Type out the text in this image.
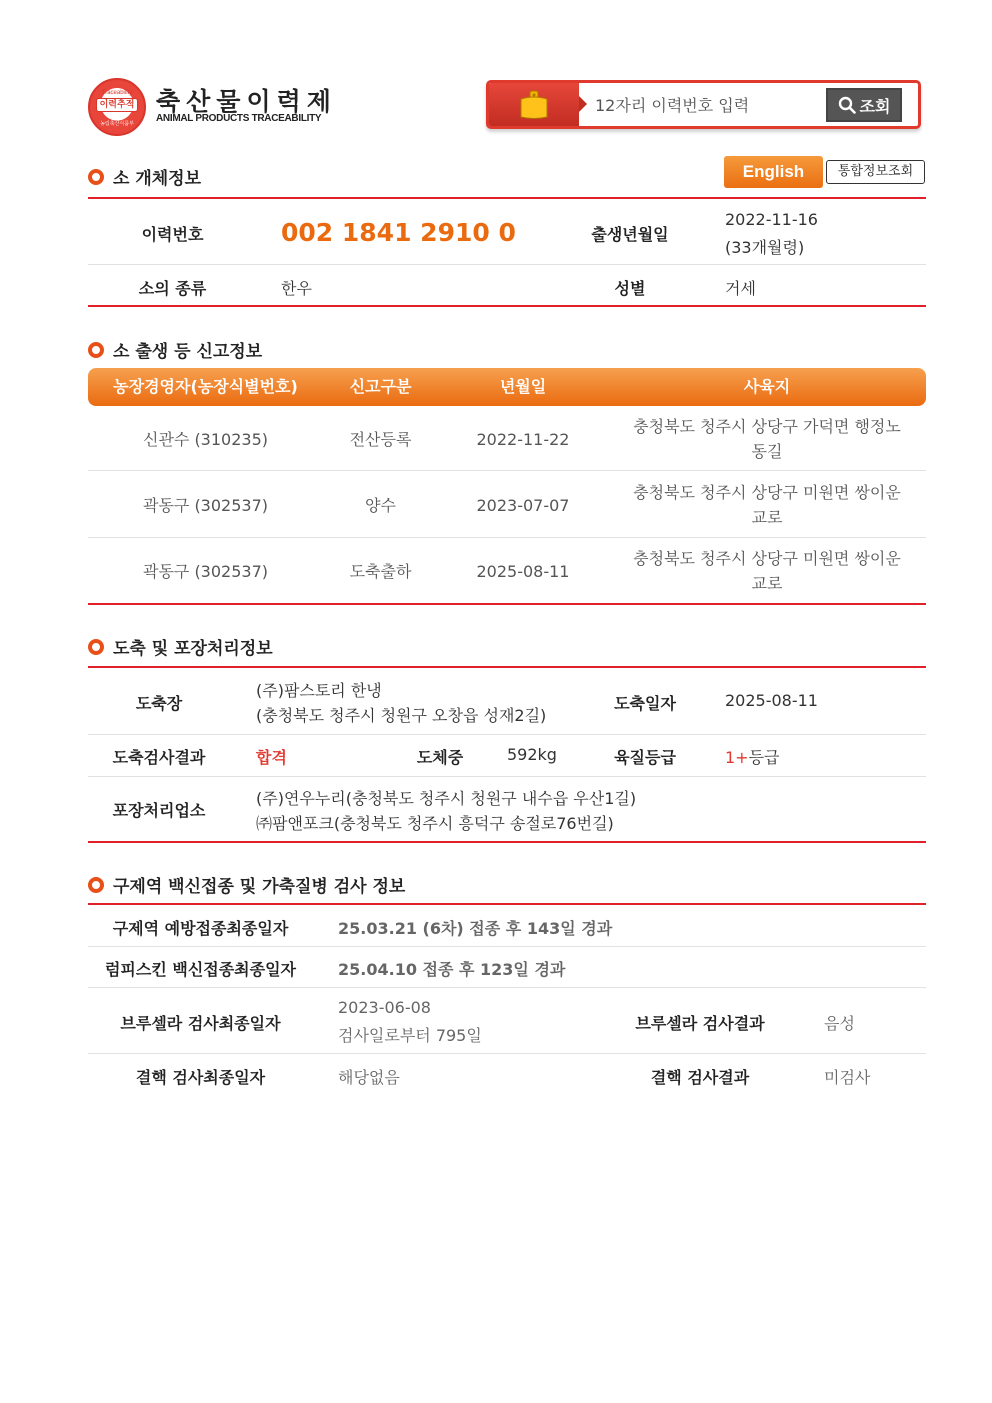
Traceability
이력추적
농림축산식품부
축산물이력제
ANIMAL PRODUCTS TRACEABILITY
12자리 이력번호 입력
조회
소 개체정보	English	통합정보조회
이력번호	002 1841 2910 0	출생년월일
2022-11-16
(33개월령)
소의 종류	한우	성별	거세
소 출생 등 신고정보
농장경영자(농장식별번호)	신고구분	년월일	사육지
신관수 (310235)	전산등록	2022-11-22
충청북도 청주시 상당구 가덕면 행정노
동길
곽동구 (302537)	양수	2023-07-07
충청북도 청주시 상당구 미원면 쌍이운
교로
곽동구 (302537)	도축출하	2025-08-11
충청북도 청주시 상당구 미원면 쌍이운
교로
도축 및 포장처리정보
도축장
(주)팜스토리 한냉
(충청북도 청주시 청원구 오창읍 성재2길)
도축일자	2025-08-11
도축검사결과	합격	도체중	592kg	육질등급	1+등급
포장처리업소
(주)연우누리(충청북도 청주시 청원구 내수읍 우산1길)
㈜팜앤포크(충청북도 청주시 흥덕구 송절로76번길)
구제역 백신접종 및 가축질병 검사 정보
구제역 예방접종최종일자	25.03.21 (6차) 접종 후 143일 경과
럼피스킨 백신접종최종일자	25.04.10 접종 후 123일 경과
브루셀라 검사최종일자
2023-06-08
검사일로부터 795일
브루셀라 검사결과	음성
결핵 검사최종일자	해당없음	결핵 검사결과	미검사
